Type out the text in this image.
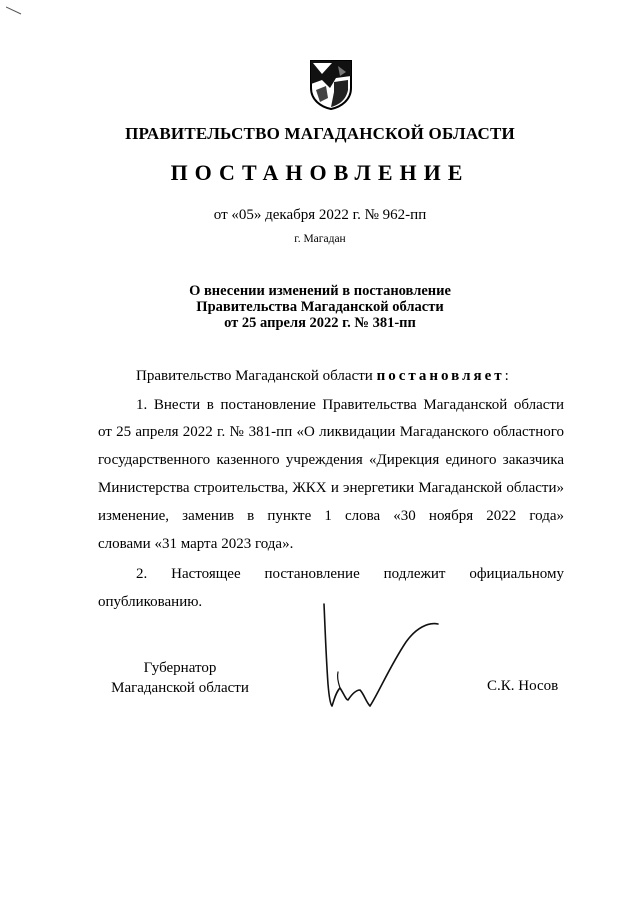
ПРАВИТЕЛЬСТВО МАГАДАНСКОЙ ОБЛАСТИ
ПОСТАНОВЛЕНИЕ
от «05» декабря 2022 г. № 962-пп
г. Магадан
О внесении изменений в постановление
Правительства Магаданской области
от 25 апреля 2022 г. № 381-пп
Правительство Магаданской области постановляет:
1. Внести в постановление Правительства Магаданской области
от 25 апреля 2022 г. № 381-пп «О ликвидации Магаданского областного
государственного казенного учреждения «Дирекция единого заказчика
Министерства строительства, ЖКХ и энергетики Магаданской области»
изменение, заменив в пункте 1 слова «30 ноября 2022 года»
словами «31 марта 2023 года».
2. Настоящее постановление подлежит официальному
опубликованию.
Губернатор
Магаданской области	С.К. Носов
